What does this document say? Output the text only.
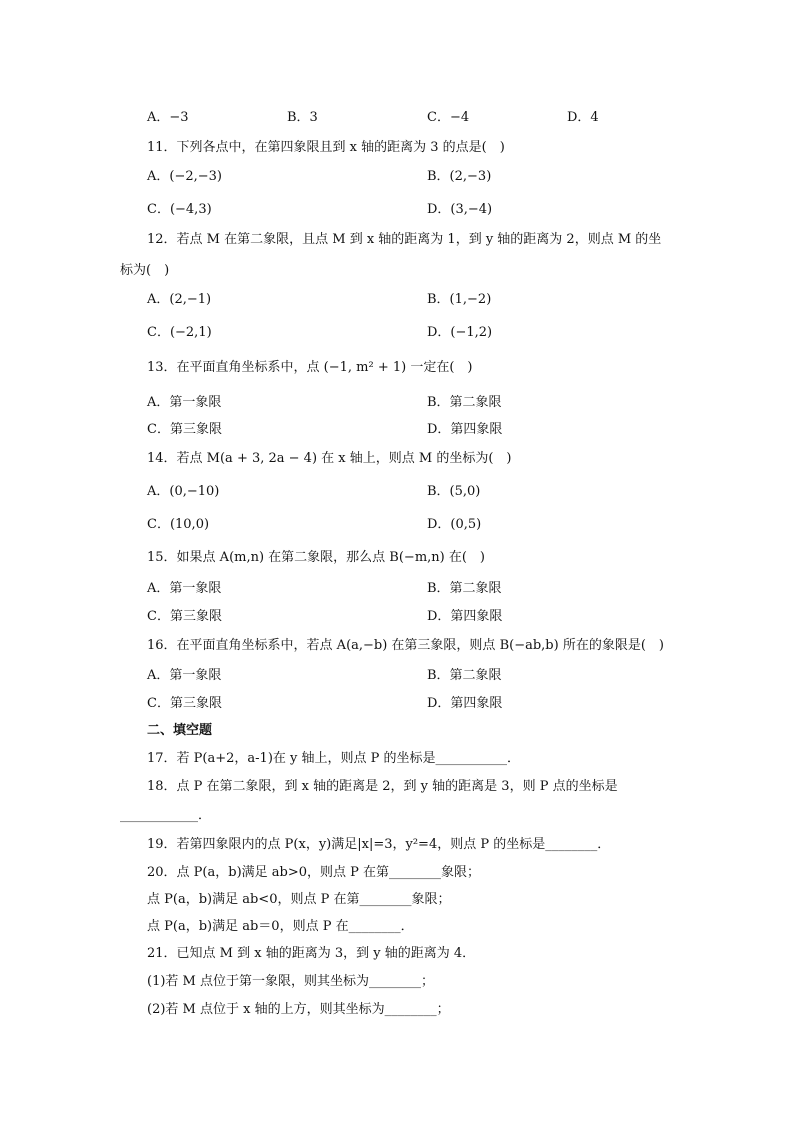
A．−3	B．3	C．−4	D．4
11．下列各点中，在第四象限且到 x 轴的距离为 3 的点是(　)
A．(−2,−3)	B．(2,−3)
C．(−4,3)	D．(3,−4)
12．若点 M 在第二象限，且点 M 到 x 轴的距离为 1，到 y 轴的距离为 2，则点 M 的坐
标为(　)
A．(2,−1)	B．(1,−2)
C．(−2,1)	D．(−1,2)
13．在平面直角坐标系中，点 (−1, m² + 1) 一定在(　)
A．第一象限	B．第二象限
C．第三象限	D．第四象限
14．若点 M(a + 3, 2a − 4) 在 x 轴上，则点 M 的坐标为(　)
A．(0,−10)	B．(5,0)
C．(10,0)	D．(0,5)
15．如果点 A(m,n) 在第二象限，那么点 B(−m,n) 在(　)
A．第一象限	B．第二象限
C．第三象限	D．第四象限
16．在平面直角坐标系中，若点 A(a,−b) 在第三象限，则点 B(−ab,b) 所在的象限是(　)
A．第一象限	B．第二象限
C．第三象限	D．第四象限
二、填空题
17．若 P(a+2，a-1)在 y 轴上，则点 P 的坐标是___________．
18．点 P 在第二象限，到 x 轴的距离是 2，到 y 轴的距离是 3，则 P 点的坐标是
____________．
19．若第四象限内的点 P(x，y)满足|x|=3，y²=4，则点 P 的坐标是________．
20．点 P(a，b)满足 ab>0，则点 P 在第________象限；
点 P(a，b)满足 ab<0，则点 P 在第________象限；
点 P(a，b)满足 ab＝0，则点 P 在________．
21．已知点 M 到 x 轴的距离为 3，到 y 轴的距离为 4．
(1)若 M 点位于第一象限，则其坐标为________；
(2)若 M 点位于 x 轴的上方，则其坐标为________；
